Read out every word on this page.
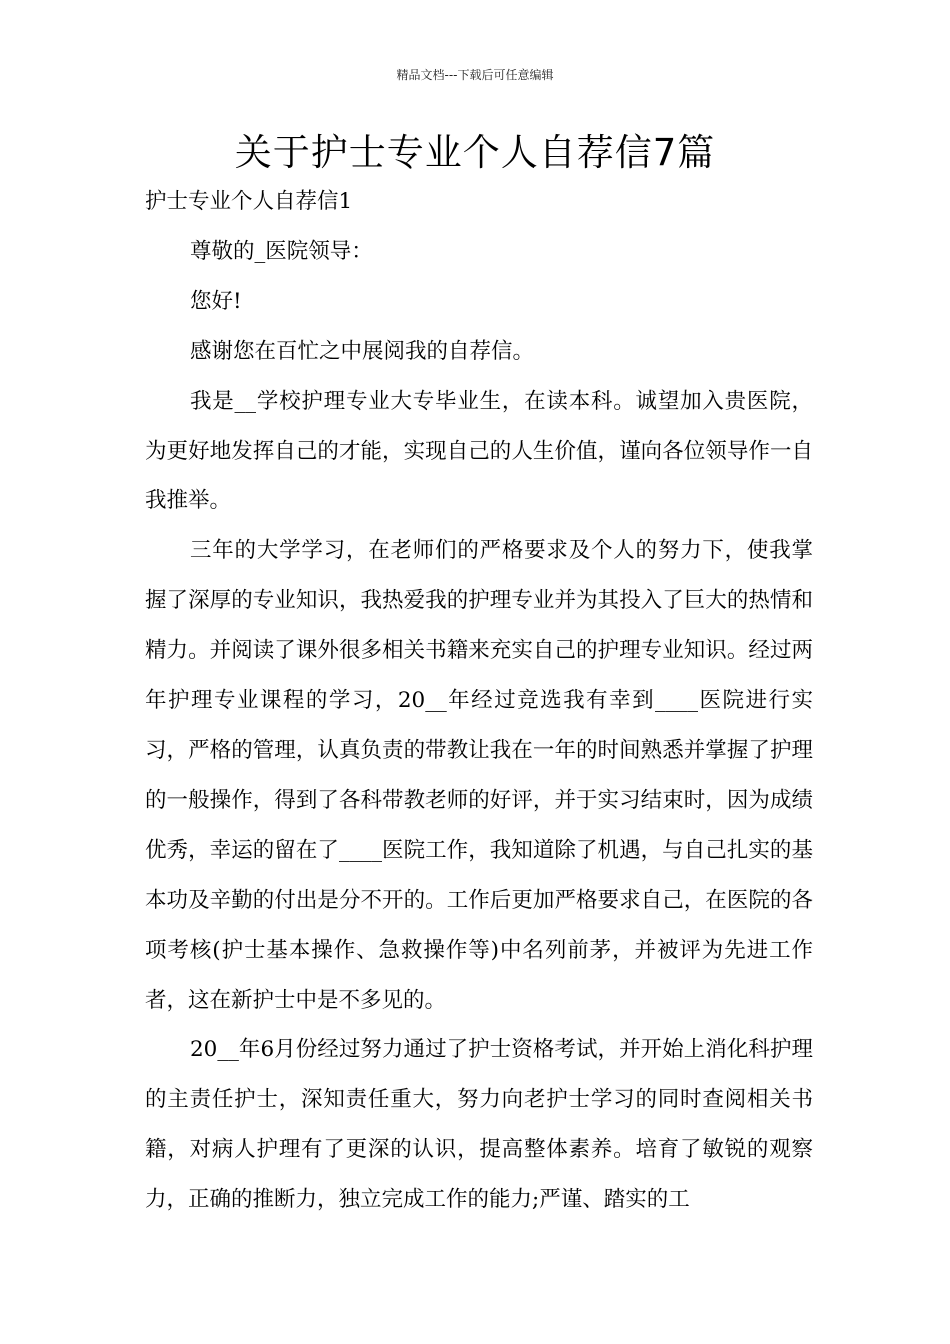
精品文档---下载后可任意编辑
关于护士专业个人自荐信7篇

护士专业个人自荐信1

尊敬的_医院领导：

您好!

感谢您在百忙之中展阅我的自荐信。

我是__学校护理专业大专毕业生，在读本科。诚望加入贵医院，为更好地发挥自己的才能，实现自己的人生价值，谨向各位领导作一自我推举。

三年的大学学习，在老师们的严格要求及个人的努力下，使我掌握了深厚的专业知识，我热爱我的护理专业并为其投入了巨大的热情和精力。并阅读了课外很多相关书籍来充实自己的护理专业知识。经过两年护理专业课程的学习，20__年经过竞选我有幸到____医院进行实习，严格的管理，认真负责的带教让我在一年的时间熟悉并掌握了护理的一般操作，得到了各科带教老师的好评，并于实习结束时，因为成绩优秀，幸运的留在了____医院工作，我知道除了机遇，与自己扎实的基本功及辛勤的付出是分不开的。工作后更加严格要求自己，在医院的各项考核(护士基本操作、急救操作等)中名列前茅，并被评为先进工作者，这在新护士中是不多见的。

20__年6月份经过努力通过了护士资格考试，并开始上消化科护理的主责任护士，深知责任重大，努力向老护士学习的同时查阅相关书籍，对病人护理有了更深的认识，提高整体素养。培育了敏锐的观察力，正确的推断力，独立完成工作的能力;严谨、踏实的工
